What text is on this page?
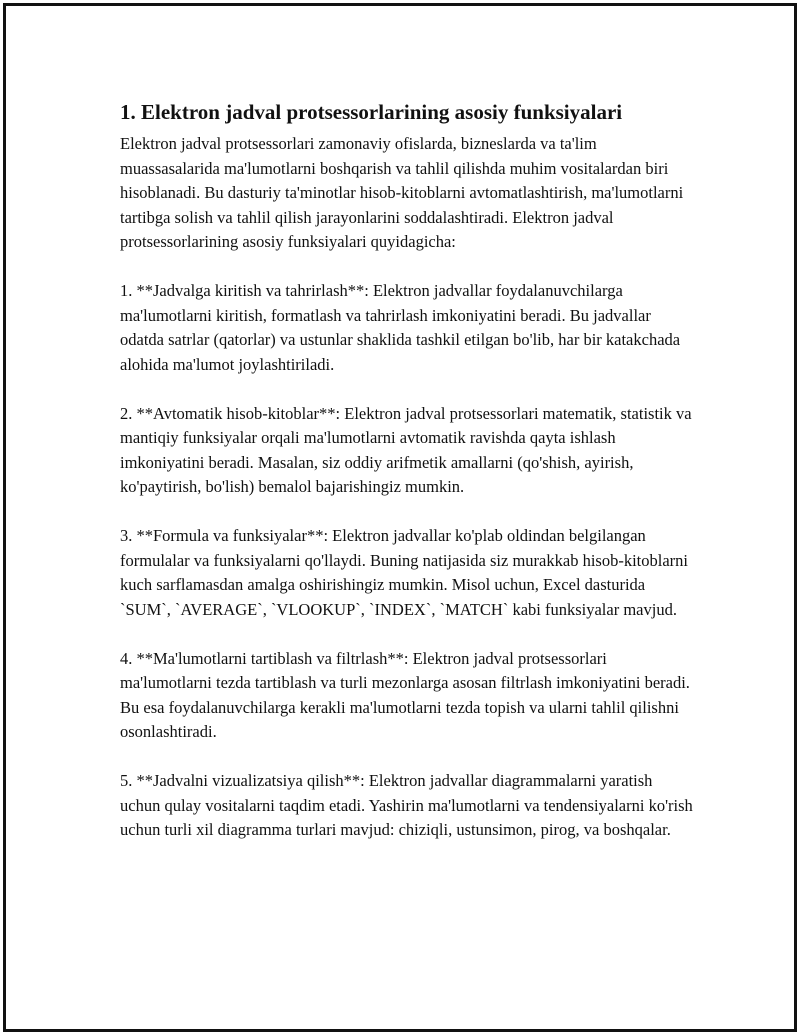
1. Elektron jadval protsessorlarining asosiy funksiyalari

Elektron jadval protsessorlari zamonaviy ofislarda, bizneslarda va ta'lim muassasalarida ma'lumotlarni boshqarish va tahlil qilishda muhim vositalardan biri hisoblanadi. Bu dasturiy ta'minotlar hisob-kitoblarni avtomatlashtirish, ma'lumotlarni tartibga solish va tahlil qilish jarayonlarini soddalashtiradi. Elektron jadval protsessorlarining asosiy funksiyalari quyidagicha:

1. **Jadvalga kiritish va tahrirlash**: Elektron jadvallar foydalanuvchilarga ma'lumotlarni kiritish, formatlash va tahrirlash imkoniyatini beradi. Bu jadvallar odatda satrlar (qatorlar) va ustunlar shaklida tashkil etilgan bo'lib, har bir katakchada alohida ma'lumot joylashtiriladi.

2. **Avtomatik hisob-kitoblar**: Elektron jadval protsessorlari matematik, statistik va mantiqiy funksiyalar orqali ma'lumotlarni avtomatik ravishda qayta ishlash imkoniyatini beradi. Masalan, siz oddiy arifmetik amallarni (qo'shish, ayirish, ko'paytirish, bo'lish) bemalol bajarishingiz mumkin.

3. **Formula va funksiyalar**: Elektron jadvallar ko'plab oldindan belgilangan formulalar va funksiyalarni qo'llaydi. Buning natijasida siz murakkab hisob-kitoblarni kuch sarflamasdan amalga oshirishingiz mumkin. Misol uchun, Excel dasturida `SUM`, `AVERAGE`, `VLOOKUP`, `INDEX`, `MATCH` kabi funksiyalar mavjud.

4. **Ma'lumotlarni tartiblash va filtrlash**: Elektron jadval protsessorlari ma'lumotlarni tezda tartiblash va turli mezonlarga asosan filtrlash imkoniyatini beradi. Bu esa foydalanuvchilarga kerakli ma'lumotlarni tezda topish va ularni tahlil qilishni osonlashtiradi.

5. **Jadvalni vizualizatsiya qilish**: Elektron jadvallar diagrammalarni yaratish uchun qulay vositalarni taqdim etadi. Yashirin ma'lumotlarni va tendensiyalarni ko'rish uchun turli xil diagramma turlari mavjud: chiziqli, ustunsimon, pirog, va boshqalar.
